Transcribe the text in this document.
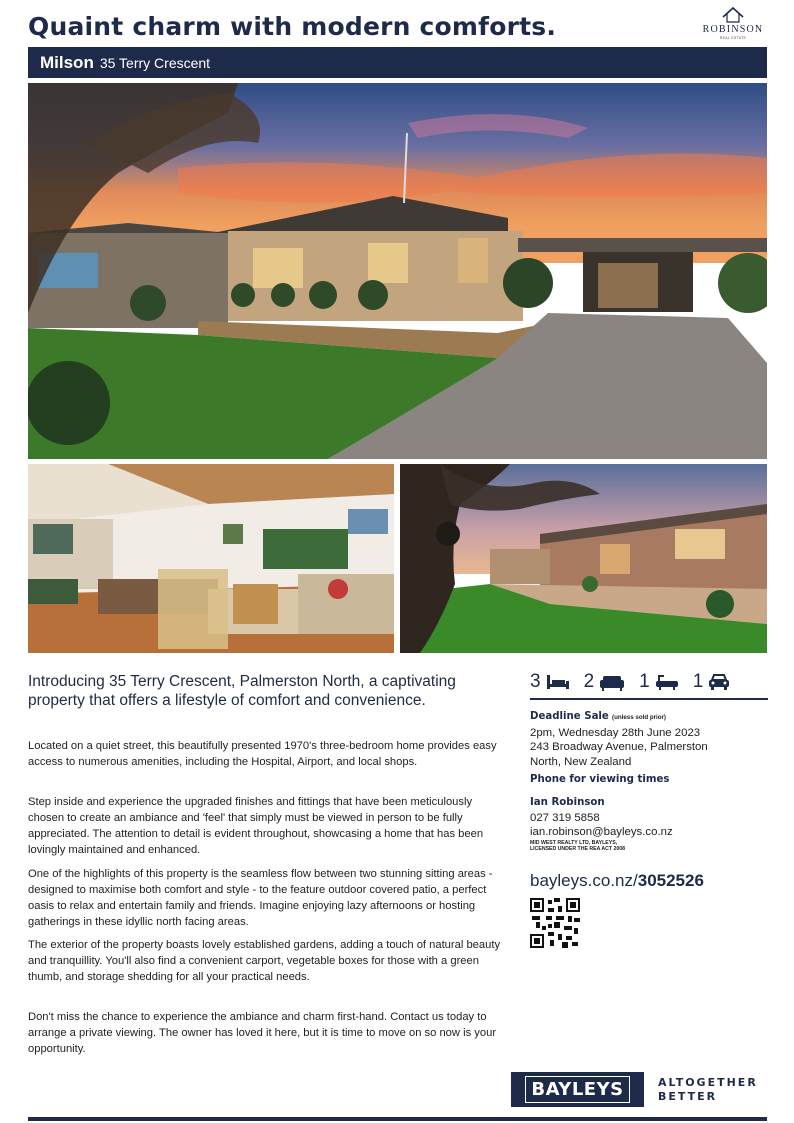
Quaint charm with modern comforts.	ROBINSON
REAL ESTATE
Milson 35 Terry Crescent
Introducing 35 Terry Crescent, Palmerston North, a captivating property that offers a lifestyle of comfort and convenience.
Located on a quiet street, this beautifully presented 1970's three-bedroom home provides easy access to numerous amenities, including the Hospital, Airport, and local shops.
Step inside and experience the upgraded finishes and fittings that have been meticulously chosen to create an ambiance and 'feel' that simply must be viewed in person to be fully appreciated. The attention to detail is evident throughout, showcasing a home that has been lovingly maintained and enhanced.
One of the highlights of this property is the seamless flow between two stunning sitting areas - designed to maximise both comfort and style - to the feature outdoor covered patio, a perfect oasis to relax and entertain family and friends. Imagine enjoying lazy afternoons or hosting gatherings in these idyllic north facing areas.
The exterior of the property boasts lovely established gardens, adding a touch of natural beauty and tranquillity. You'll also find a convenient carport, vegetable boxes for those with a green thumb, and storage shedding for all your practical needs.
Don't miss the chance to experience the ambiance and charm first-hand. Contact us today to arrange a private viewing. The owner has loved it here, but it is time to move on so now is your opportunity.
3 2 1 1
Deadline Sale (unless sold prior)
2pm, Wednesday 28th June 2023
243 Broadway Avenue, Palmerston
North, New Zealand
Phone for viewing times
Ian Robinson
027 319 5858
ian.robinson@bayleys.co.nz
MID WEST REALTY LTD, BAYLEYS,
LICENSED UNDER THE REA ACT 2008
bayleys.co.nz/3052526
BAYLEYS	ALTOGETHER
BETTER
